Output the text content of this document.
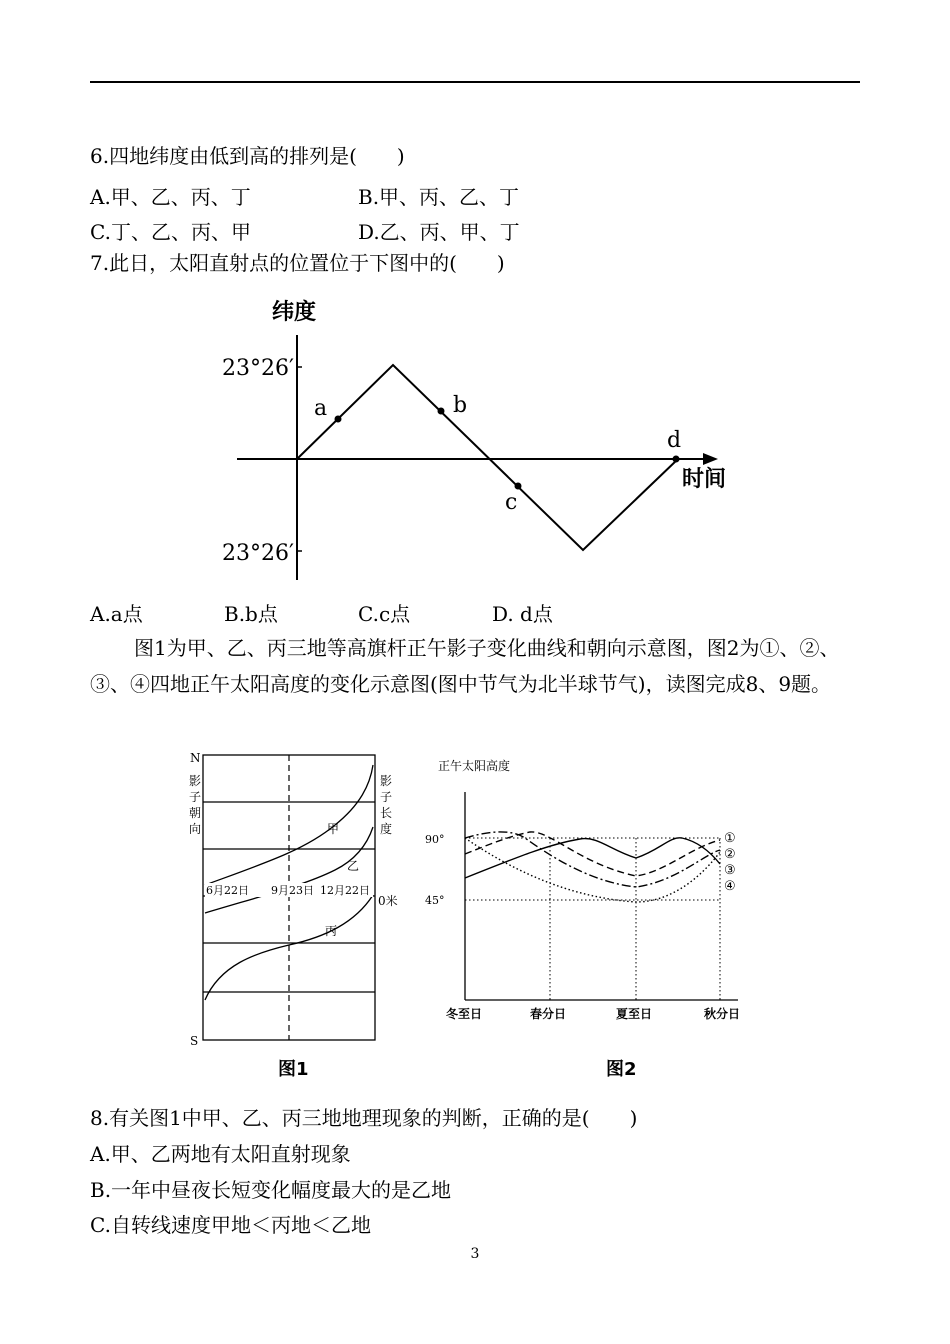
6.四地纬度由低到高的排列是(　　)
A.甲、乙、丙、丁	B.甲、丙、乙、丁
C.丁、乙、丙、甲	D.乙、丙、甲、丁
7.此日，太阳直射点的位置位于下图中的(　　)
纬度
时间
23°26′
23°26′
a	b
c
d
A.a点	B.b点	C.c点	D. d点
图1为甲、乙、丙三地等高旗杆正午影子变化曲线和朝向示意图，图2为①、②、③、④四地正午太阳高度的变化示意图(图中节气为北半球节气)，读图完成8、9题。
N
S
影
子
朝
向
影
子
长
度
甲
乙
丙
6月22日 9月23日 12月22日
0米
图1
正午太阳高度
90°
45°
①
②
③
④
冬至日	春分日	夏至日	秋分日
图2
8.有关图1中甲、乙、丙三地地理现象的判断，正确的是(　　)
A.甲、乙两地有太阳直射现象
B.一年中昼夜长短变化幅度最大的是乙地
C.自转线速度甲地＜丙地＜乙地
3
